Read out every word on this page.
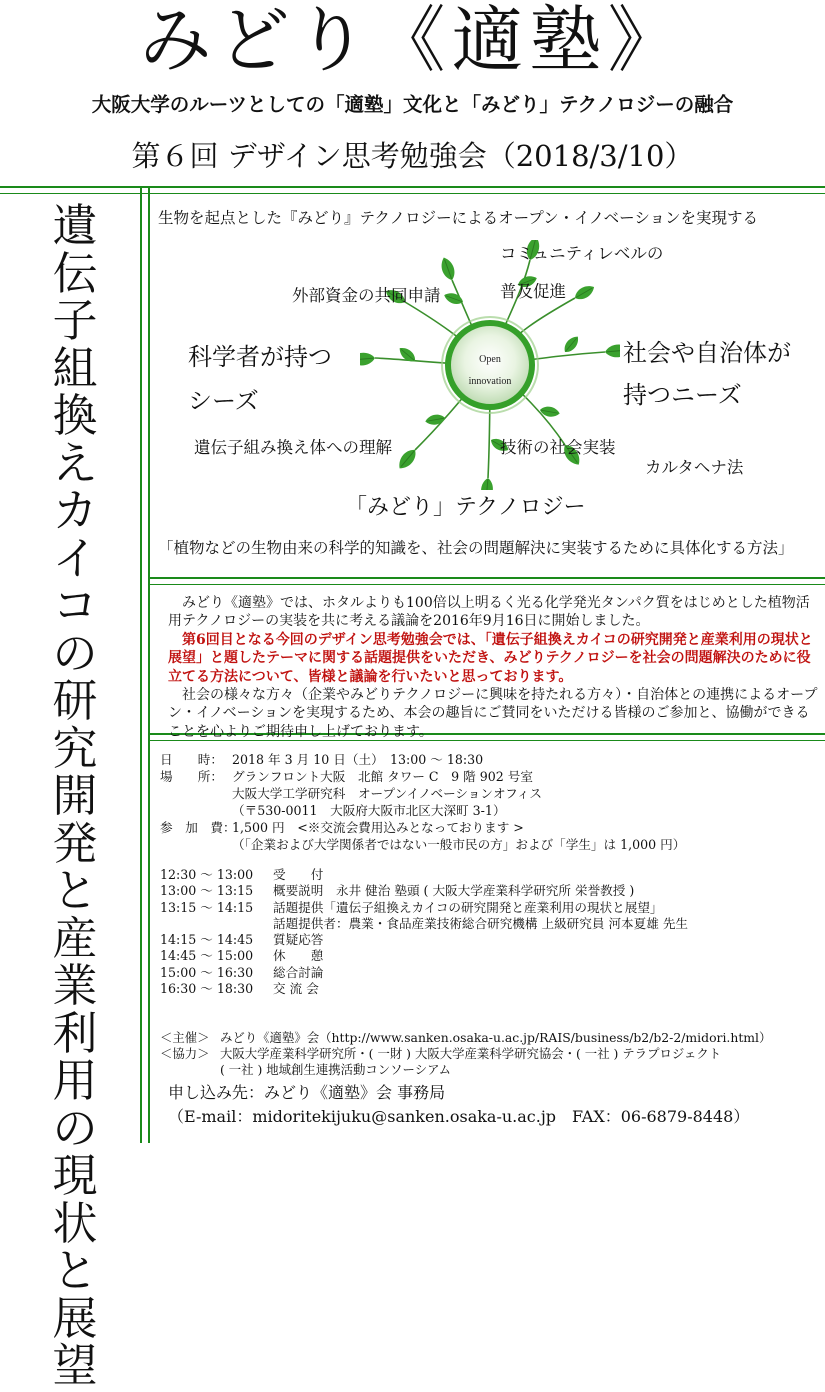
みどり《適塾》
大阪大学のルーツとしての「適塾」文化と「みどり」テクノロジーの融合
第６回 デザイン思考勉強会（2018/3/10）
遺
伝
子
組
換
え
カ
イ
コ
の
研
究
開
発
と
産
業
利
用
の
現
状
と
展
望
生物を起点とした『みどり』テクノロジーによるオープン・イノベーションを実現する
Open
innovation
コミュニティレベルの
普及促進
外部資金の共同申請
科学者が持つ
シーズ
社会や自治体が
持つニーズ
遺伝子組み換え体への理解	技術の社会実装
カルタヘナ法
「みどり」テクノロジー
「植物などの生物由来の科学的知識を、社会の問題解決に実装するために具体化する方法」

　みどり《適塾》では、ホタルよりも100倍以上明るく光る化学発光タンパク質をはじめとした植物活用テクノロジーの実装を共に考える議論を2016年9月16日に開始しました。

　第6回目となる今回のデザイン思考勉強会では、「遺伝子組換えカイコの研究開発と産業利用の現状と展望」と題したテーマに関する話題提供をいただき、みどりテクノロジーを社会の問題解決のために役立てる方法について、皆様と議論を行いたいと思っております。

　社会の様々な方々（企業やみどりテクノロジーに興味を持たれる方々）・自治体との連携によるオープン・イノベーションを実現するため、本会の趣旨にご賛同をいただける皆様のご参加と、協働ができることを心よりご期待申し上げております。

日　　時： 2018 年 3 月 10 日（土）　13:00 ～ 18:30
場　　所： グランフロント大阪　北館 タワー C　9 階 902 号室
大阪大学工学研究科　オープンイノベーションオフィス
（〒530-0011　大阪府大阪市北区大深町 3-1）
参　加　費：
1,500 円　<※交流会費用込みとなっております >
（「企業および大学関係者ではない一般市民の方」および「学生」は 1,000 円）
12:30 ～ 13:00	受　　付
13:00 ～ 13:15	概要説明　永井 健治 塾頭 ( 大阪大学産業科学研究所 栄誉教授 )
13:15 ～ 14:15	話題提供「遺伝子組換えカイコの研究開発と産業利用の現状と展望」
話題提供者：農業・食品産業技術総合研究機構 上級研究員 河本夏雄 先生
14:15 ～ 14:45	質疑応答
14:45 ～ 15:00	休　　憩
15:00 ～ 16:30	総合討論
16:30 ～ 18:30	交 流 会
＜主催＞ みどり《適塾》会（http://www.sanken.osaka-u.ac.jp/RAIS/business/b2/b2-2/midori.html）
＜協力＞ 大阪大学産業科学研究所・( 一財 ) 大阪大学産業科学研究協会・( 一社 ) テラプロジェクト
( 一社 ) 地域創生連携活動コンソーシアム
申し込み先：みどり《適塾》会 事務局
（E-mail：midoritekijuku@sanken.osaka-u.ac.jp　FAX：06-6879-8448）
